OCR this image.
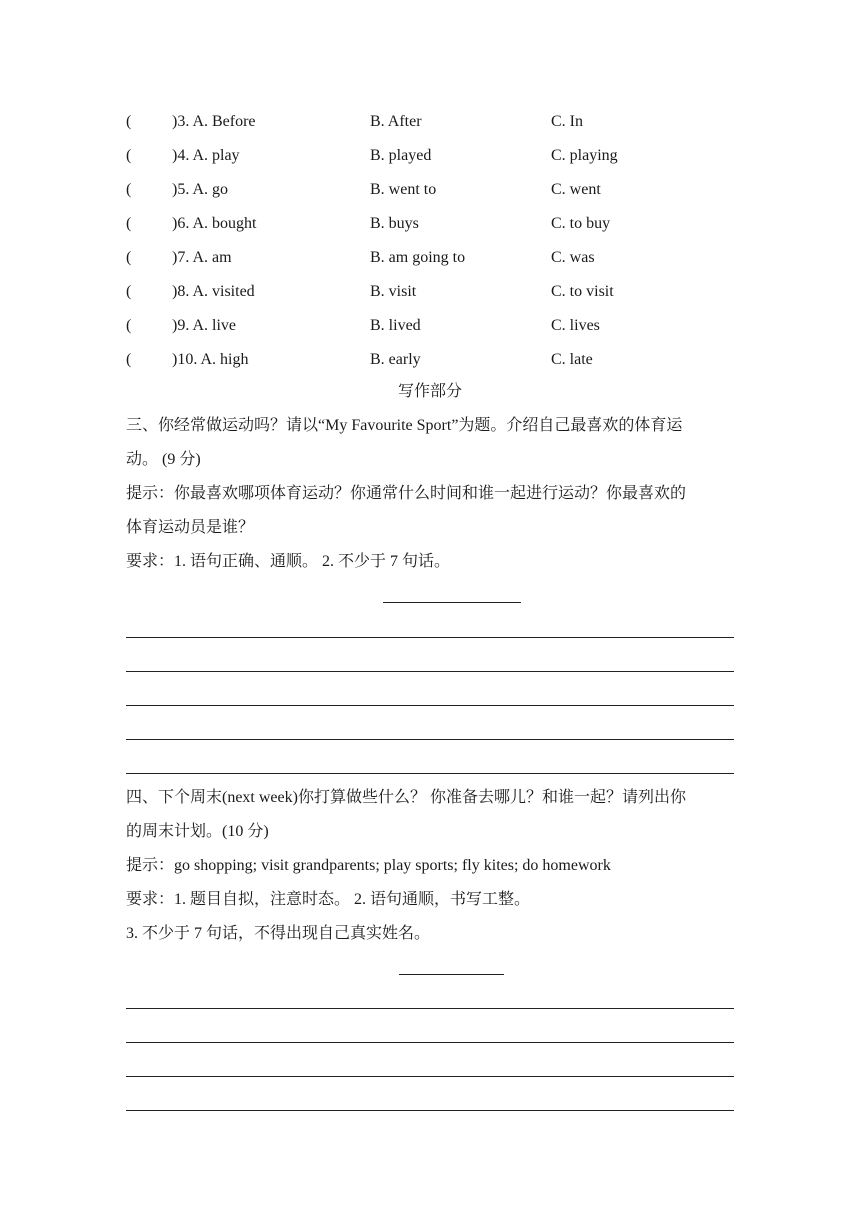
(	)3. A. Before	B. After	C. In
(	)4. A. play	B. played	C. playing
(	)5. A. go	B. went to	C. went
(	)6. A. bought	B. buys	C. to buy
(	)7. A. am	B. am going to	C. was
(	)8. A. visited	B. visit	C. to visit
(	)9. A. live	B. lived	C. lives
(	)10. A. high	B. early	C. late
写作部分
三、你经常做运动吗？请以“My Favourite Sport”为题。介绍自己最喜欢的体育运
动。 (9 分)
提示：你最喜欢哪项体育运动？你通常什么时间和谁一起进行运动？你最喜欢的
体育运动员是谁？
要求：1. 语句正确、通顺。 2. 不少于 7 句话。
四、下个周末(next week)你打算做些什么？ 你准备去哪儿？和谁一起？请列出你
的周末计划。(10 分)
提示：go shopping; visit grandparents; play sports; fly kites; do homework
要求：1. 题目自拟，注意时态。 2. 语句通顺，书写工整。
3. 不少于 7 句话，不得出现自己真实姓名。
